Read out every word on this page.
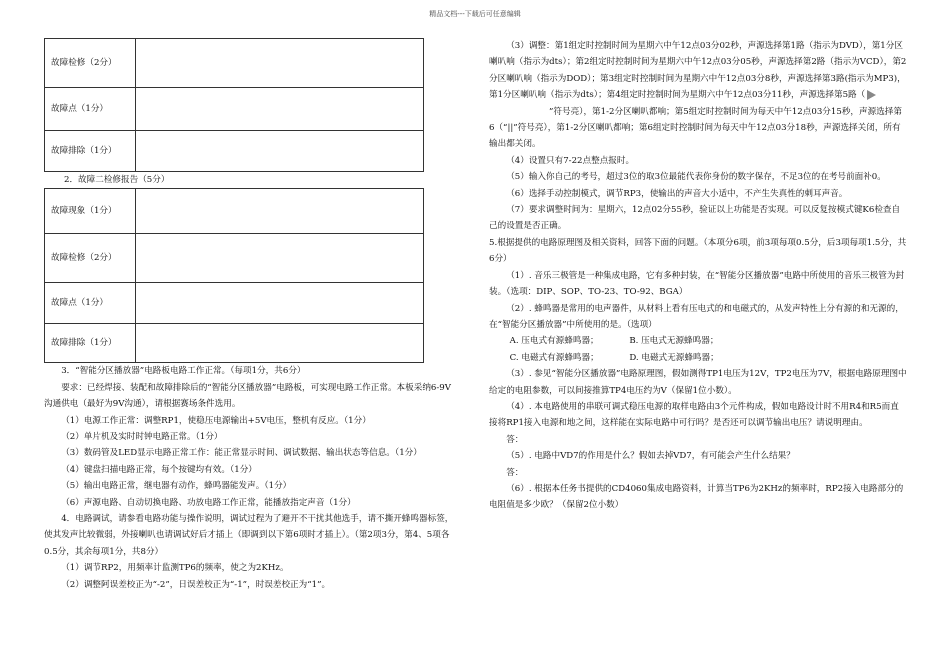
精品文档---下载后可任意编辑
故障检修（2分）	
故障点（1分）	
故障排除（1分）	

2．故障二检修报告（5分）

故障现象（1分）	
故障检修（2分）	
故障点（1分）	
故障排除（1分）	

3．“智能分区播放器”电路板电路工作正常。（每项1分，共6分）

要求：已经焊接、装配和故障排除后的“智能分区播放器”电路板，可实现电路工作正常。本板采纳6-9V沟通供电（最好为9V沟通），请根据赛场条件选用。

（1）电源工作正常：调整RP1，使稳压电源输出+5V电压，整机有反应。（1分）

（2）单片机及实时时钟电路正常。（1分）

（3）数码管及LED显示电路正常工作：能正常显示时间、调试数据、输出状态等信息。（1分）

（4）键盘扫描电路正常，每个按键均有效。（1分）

（5）输出电路正常，继电器有动作，蜂鸣器能发声。（1分）

（6）声源电路、自动切换电路、功放电路工作正常，能播放指定声音（1分）

4．电路调试，请参看电路功能与操作说明，调试过程为了避开不干扰其他选手，请不撕开蜂鸣器标签，使其发声比较微弱，外接喇叭也请调试好后才插上（即调到以下第6项时才插上）。（第2项3分，第4、5项各0.5分，其余每项1分，共8分）

（1）调节RP2，用频率计监测TP6的频率，使之为2KHz。

（2）调整阿误差校正为“-2”，日误差校正为“-1”，时误差校正为“1”。

（3）调整：第1组定时控制时间为星期六中午12点03分02秒，声源选择第1路（指示为DVD），第1分区喇叭响（指示为dts）；第2组定时控制时间为星期六中午12点03分05秒，声源选择第2路（指示为VCD），第2分区喇叭响（指示为DOD）；第3组定时控制时间为星期六中午12点03分8秒，声源选择第3路(指示为MP3)，第1分区喇叭响（指示为dts）；第4组定时控制时间为星期六中午12点03分11秒，声源选择第5路（”符号亮），第1-2分区喇叭都响；第5组定时控制时间为每天中午12点03分15秒，声源选择第6（“||”符号亮），第1-2分区喇叭都响；第6组定时控制时间为每天中午12点03分18秒，声源选择关闭，所有输出都关闭。

（4）设置只有7-22点整点报时。

（5）输入你自己的考号，超过3位的取3位最能代表你身份的数字保存，不足3位的在考号前面补0。

（6）选择手动控制模式，调节RP3，使输出的声音大小适中，不产生失真性的刺耳声音。

（7）要求调整时间为：星期六，12点02分55秒，验证以上功能是否实现。可以反复按模式键K6检查自己的设置是否正确。

5.根据提供的电路原理图及相关资料，回答下面的问题。（本项分6项，前3项每项0.5分，后3项每项1.5分，共6分）

（1）. 音乐三极管是一种集成电路，它有多种封装，在“智能分区播放器”电路中所使用的音乐三极管为封装。（选项：DIP、SOP、TO-23、TO-92、BGA）

（2）. 蜂鸣器是常用的电声器件，从材料上看有压电式的和电磁式的，从发声特性上分有源的和无源的，在“智能分区播放器”中所使用的是。（选项）

A. 压电式有源蜂鸣器；	B. 压电式无源蜂鸣器；

C. 电磁式有源蜂鸣器；	D. 电磁式无源蜂鸣器；

（3）. 参见“智能分区播放器”电路原理图，假如测得TP1电压为12V，TP2电压为7V，根据电路原理图中给定的电阻参数，可以间接推算TP4电压约为V（保留1位小数）。

（4）. 本电路使用的串联可调式稳压电源的取样电路由3个元件构成，假如电路设计时不用R4和R5而直接将RP1接入电源和地之间，这样能在实际电路中可行吗？是否还可以调节输出电压？请说明理由。

答：

（5）. 电路中VD7的作用是什么？假如去掉VD7，有可能会产生什么结果？

答：

（6）. 根据本任务书提供的CD4060集成电路资料，计算当TP6为2KHz的频率时，RP2接入电路部分的电阻值是多少欧？（保留2位小数）
